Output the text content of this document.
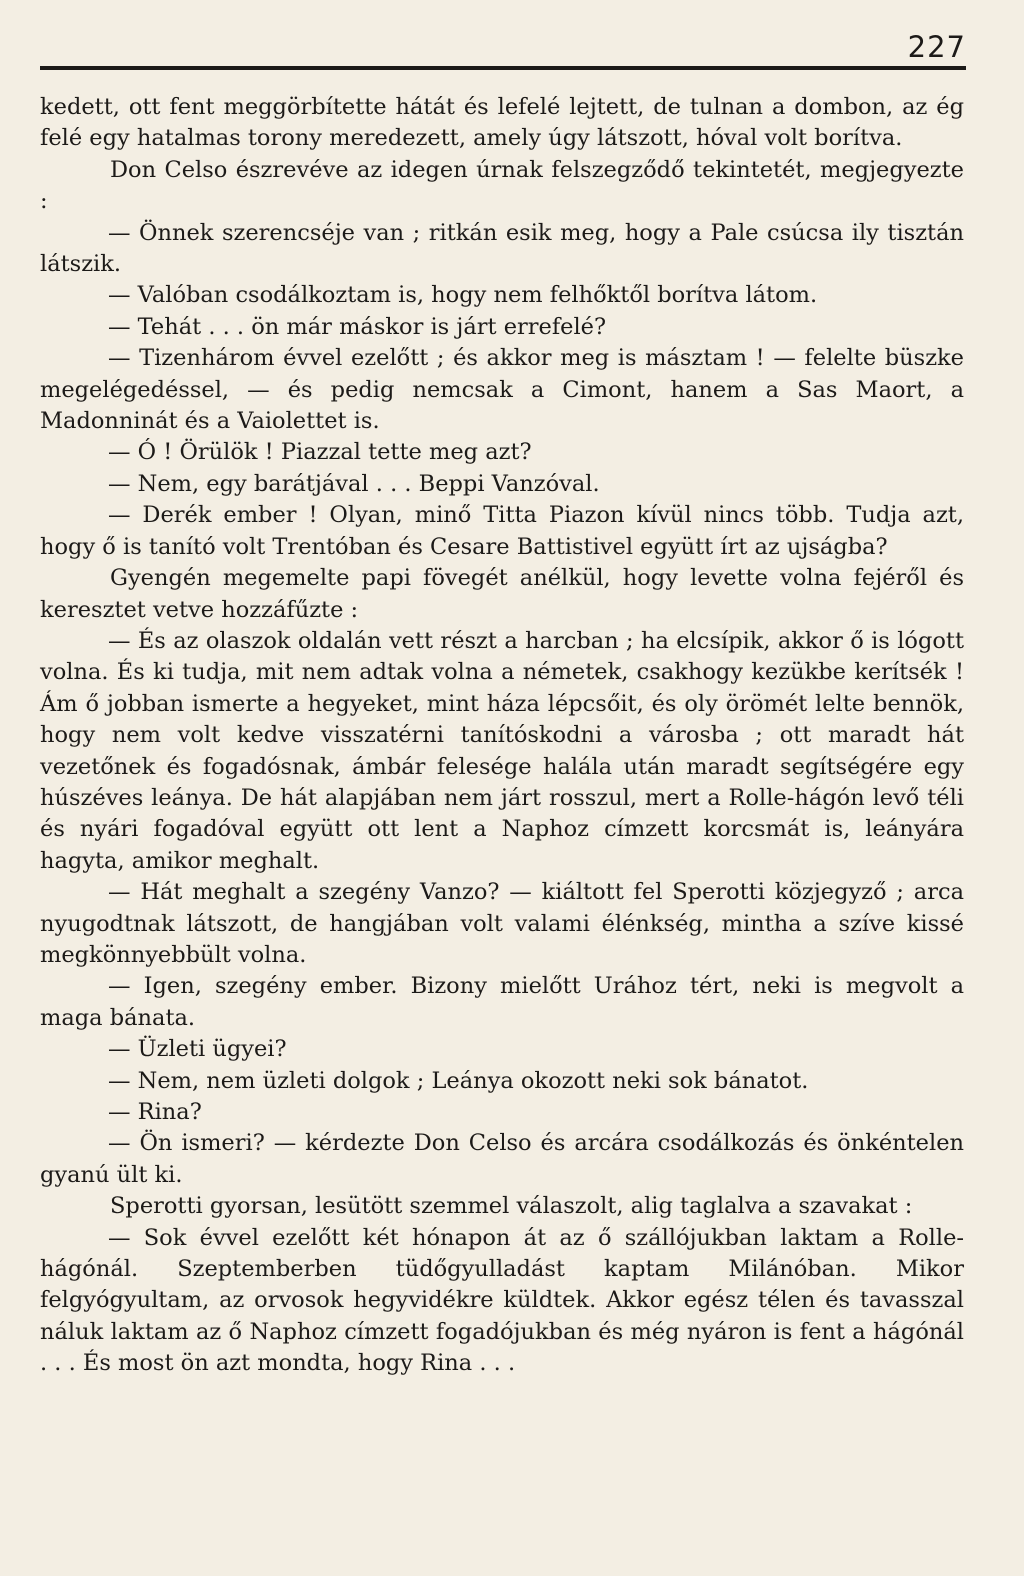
227

kedett, ott fent meggörbítette hátát és lefelé lejtett, de tulnan a dombon, az ég felé egy hatalmas torony meredezett, amely úgy látszott, hóval volt borítva.

Don Celso észrevéve az idegen úrnak felszegződő tekintetét, megjegyezte :

— Önnek szerencséje van ; ritkán esik meg, hogy a Pale csúcsa ily tisztán látszik.

— Valóban csodálkoztam is, hogy nem felhőktől borítva látom.

— Tehát . . . ön már máskor is járt errefelé?

— Tizenhárom évvel ezelőtt ; és akkor meg is másztam ! — felelte büszke megelégedéssel, — és pedig nemcsak a Cimont, hanem a Sas Maort, a Madonninát és a Vaiolettet is.

— Ó ! Örülök ! Piazzal tette meg azt?

— Nem, egy barátjával . . . Beppi Vanzóval.

— Derék ember ! Olyan, minő Titta Piazon kívül nincs több. Tudja azt, hogy ő is tanító volt Trentóban és Cesare Battistivel együtt írt az ujságba?

Gyengén megemelte papi fövegét anélkül, hogy levette volna fejéről és keresztet vetve hozzáfűzte :

— És az olaszok oldalán vett részt a harcban ; ha elcsípik, akkor ő is lógott volna. És ki tudja, mit nem adtak volna a németek, csakhogy kezükbe kerítsék ! Ám ő jobban ismerte a hegyeket, mint háza lépcsőit, és oly örömét lelte bennök, hogy nem volt kedve visszatérni tanítóskodni a városba ; ott maradt hát vezetőnek és fogadósnak, ámbár felesége halála után maradt segítségére egy húszéves leánya. De hát alapjában nem járt rosszul, mert a Rolle-hágón levő téli és nyári fogadóval együtt ott lent a Naphoz címzett korcsmát is, leányára hagyta, amikor meghalt.

— Hát meghalt a szegény Vanzo? — kiáltott fel Sperotti közjegyző ; arca nyugodtnak látszott, de hangjában volt valami élénkség, mintha a szíve kissé megkönnyebbült volna.

— Igen, szegény ember. Bizony mielőtt Urához tért, neki is megvolt a maga bánata.

— Üzleti ügyei?

— Nem, nem üzleti dolgok ; Leánya okozott neki sok bánatot.

— Rina?

— Ön ismeri? — kérdezte Don Celso és arcára csodálkozás és önkéntelen gyanú ült ki.

Sperotti gyorsan, lesütött szemmel válaszolt, alig taglalva a szavakat :

— Sok évvel ezelőtt két hónapon át az ő szállójukban laktam a Rolle-hágónál. Szeptemberben tüdőgyulladást kaptam Milánóban. Mikor felgyógyultam, az orvosok hegyvidékre küldtek. Akkor egész télen és tavasszal náluk laktam az ő Naphoz címzett fogadójukban és még nyáron is fent a hágónál . . . És most ön azt mondta, hogy Rina . . .
